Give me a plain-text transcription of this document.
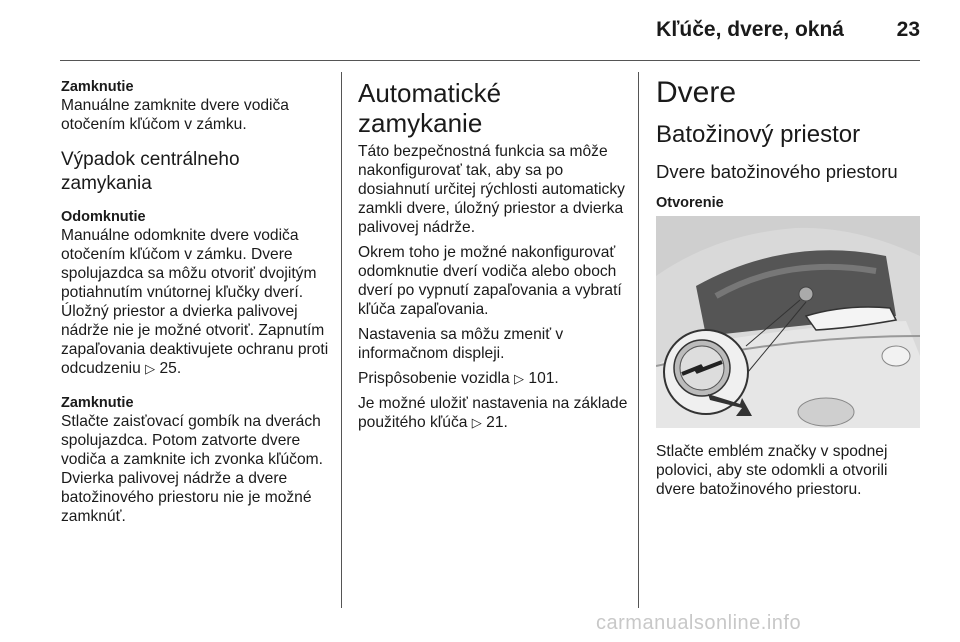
Kľúče, dvere, okná	23
Zamknutie
Manuálne zamknite dvere vodiča otočením kľúčom v zámku.
Výpadok centrálneho zamykania
Odomknutie
Manuálne odomknite dvere vodiča otočením kľúčom v zámku. Dvere spolujazdca sa môžu otvoriť dvojitým potiahnutím vnútornej kľučky dverí. Úložný priestor a dvierka palivovej nádrže nie je možné otvoriť. Zapnutím zapaľovania deaktivujete ochranu proti odcudzeniu ▷ 25.
Zamknutie
Stlačte zaisťovací gombík na dverách spolujazdca. Potom zatvorte dvere vodiča a zamknite ich zvonka kľúčom. Dvierka palivovej nádrže a dvere batožinového priestoru nie je možné zamknúť.
Automatické zamykanie
Táto bezpečnostná funkcia sa môže nakonfigurovať tak, aby sa po dosiahnutí určitej rýchlosti automaticky zamkli dvere, úložný priestor a dvierka palivovej nádrže.
Okrem toho je možné nakonfigurovať odomknutie dverí vodiča alebo oboch dverí po vypnutí zapaľovania a vybratí kľúča zapaľovania.
Nastavenia sa môžu zmeniť v informačnom displeji.
Prispôsobenie vozidla ▷ 101.
Je možné uložiť nastavenia na základe použitého kľúča ▷ 21.
Dvere
Batožinový priestor
Dvere batožinového priestoru
Otvorenie
Stlačte emblém značky v spodnej polovici, aby ste odomkli a otvorili dvere batožinového priestoru.
carmanualsonline.info
